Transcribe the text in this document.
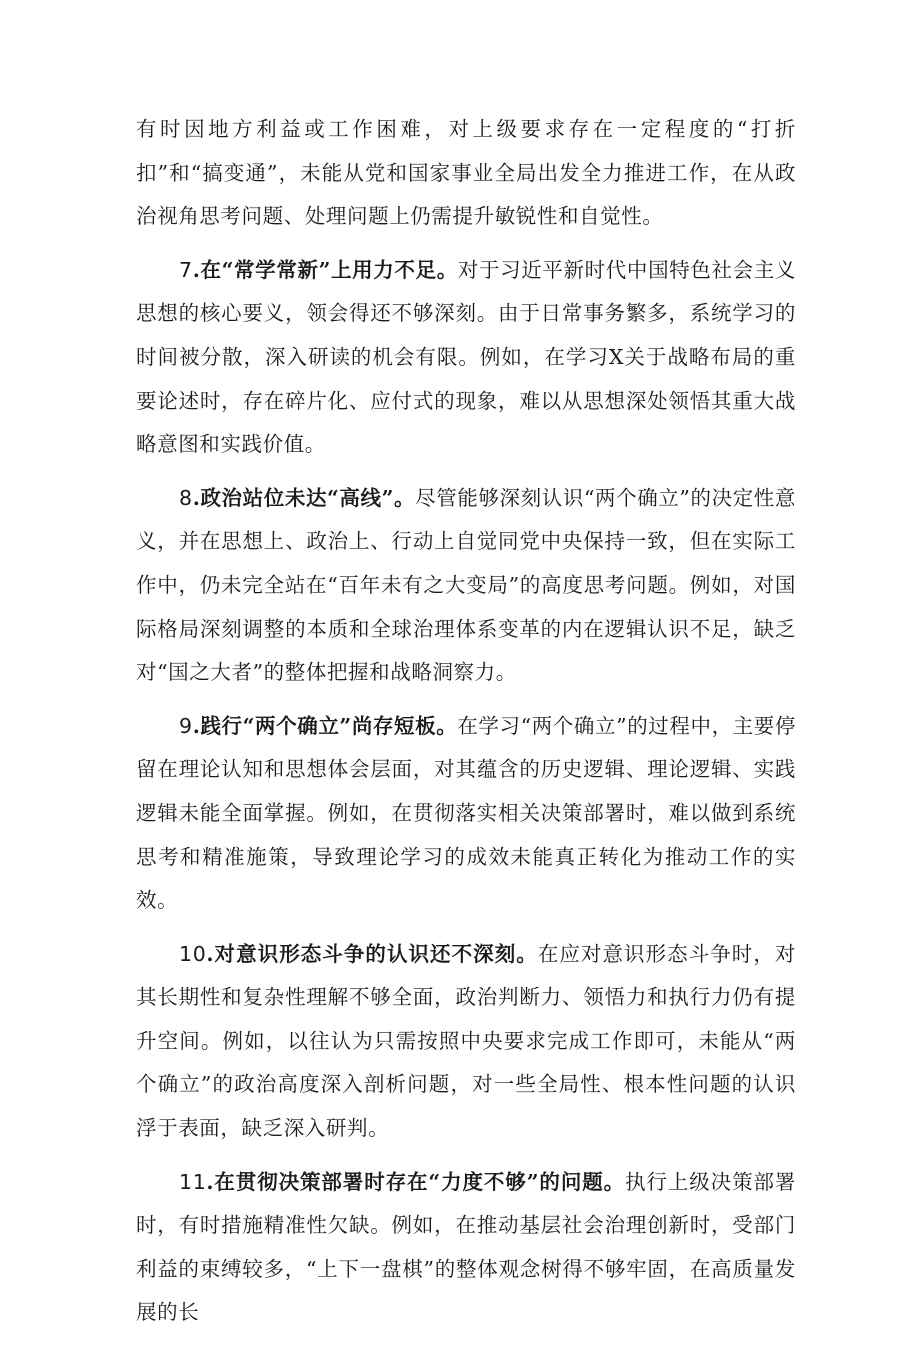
有时因地方利益或工作困难，对上级要求存在一定程度的“打折扣”和“搞变通”，未能从党和国家事业全局出发全力推进工作，在从政治视角思考问题、处理问题上仍需提升敏锐性和自觉性。

7.在“常学常新”上用力不足。对于习近平新时代中国特色社会主义思想的核心要义，领会得还不够深刻。由于日常事务繁多，系统学习的时间被分散，深入研读的机会有限。例如，在学习X关于战略布局的重要论述时，存在碎片化、应付式的现象，难以从思想深处领悟其重大战略意图和实践价值。

8.政治站位未达“高线”。尽管能够深刻认识“两个确立”的决定性意义，并在思想上、政治上、行动上自觉同党中央保持一致，但在实际工作中，仍未完全站在“百年未有之大变局”的高度思考问题。例如，对国际格局深刻调整的本质和全球治理体系变革的内在逻辑认识不足，缺乏对“国之大者”的整体把握和战略洞察力。

9.践行“两个确立”尚存短板。在学习“两个确立”的过程中，主要停留在理论认知和思想体会层面，对其蕴含的历史逻辑、理论逻辑、实践逻辑未能全面掌握。例如，在贯彻落实相关决策部署时，难以做到系统思考和精准施策，导致理论学习的成效未能真正转化为推动工作的实效。

10.对意识形态斗争的认识还不深刻。在应对意识形态斗争时，对其长期性和复杂性理解不够全面，政治判断力、领悟力和执行力仍有提升空间。例如，以往认为只需按照中央要求完成工作即可，未能从“两个确立”的政治高度深入剖析问题，对一些全局性、根本性问题的认识浮于表面，缺乏深入研判。

11.在贯彻决策部署时存在“力度不够”的问题。执行上级决策部署时，有时措施精准性欠缺。例如，在推动基层社会治理创新时，受部门利益的束缚较多，“上下一盘棋”的整体观念树得不够牢固，在高质量发展的长
